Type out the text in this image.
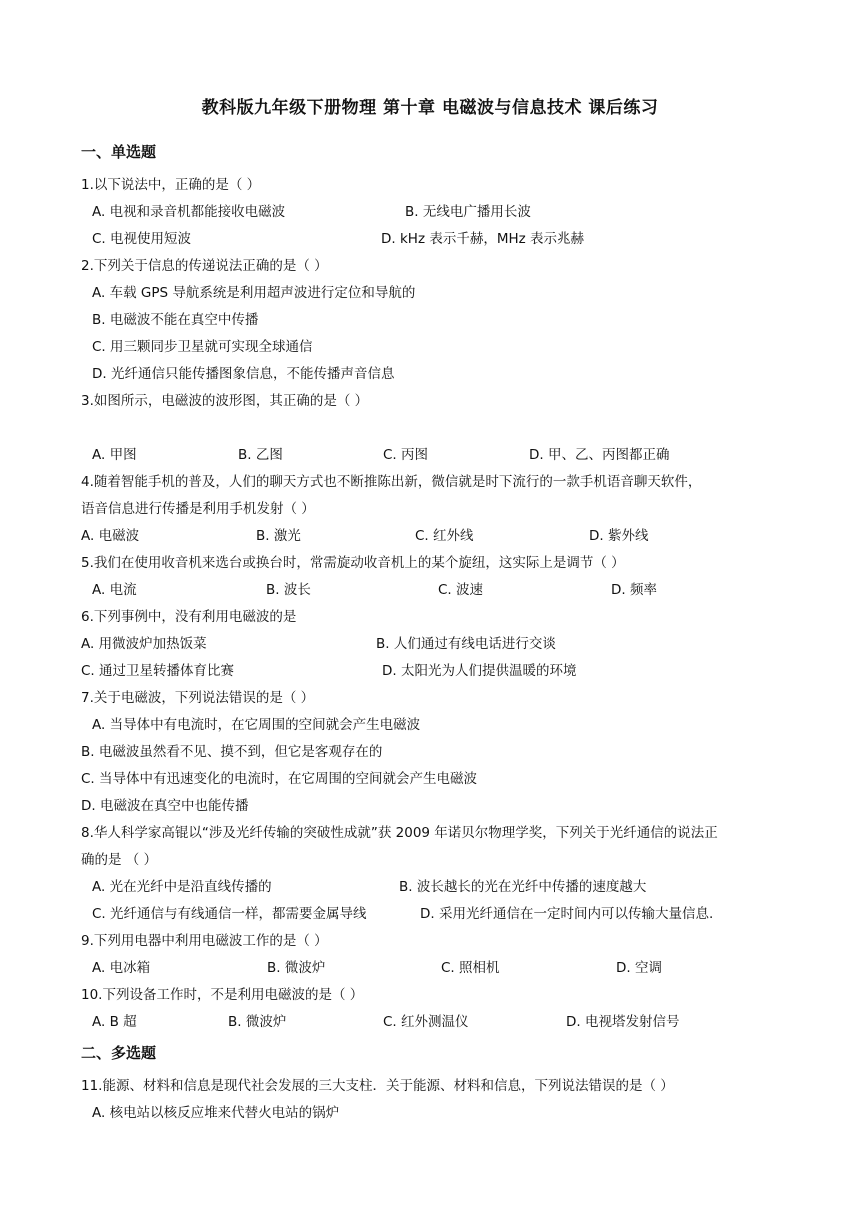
教科版九年级下册物理 第十章 电磁波与信息技术 课后练习
一、单选题
1.以下说法中，正确的是（ ）
A. 电视和录音机都能接收电磁波	B. 无线电广播用长波
C. 电视使用短波	D. kHz 表示千赫，MHz 表示兆赫
2.下列关于信息的传递说法正确的是（ ）
A. 车载 GPS 导航系统是利用超声波进行定位和导航的
B. 电磁波不能在真空中传播
C. 用三颗同步卫星就可实现全球通信
D. 光纤通信只能传播图象信息，不能传播声音信息
3.如图所示，电磁波的波形图，其正确的是（ ）
A. 甲图	B. 乙图	C. 丙图	D. 甲、乙、丙图都正确
4.随着智能手机的普及，人们的聊天方式也不断推陈出新，微信就是时下流行的一款手机语音聊天软件，
语音信息进行传播是利用手机发射（ ）
A. 电磁波	B. 激光	C. 红外线	D. 紫外线
5.我们在使用收音机来选台或换台时，常需旋动收音机上的某个旋纽，这实际上是调节（ ）
A. 电流	B. 波长	C. 波速	D. 频率
6.下列事例中，没有利用电磁波的是
A. 用微波炉加热饭菜	B. 人们通过有线电话进行交谈
C. 通过卫星转播体育比赛	D. 太阳光为人们提供温暖的环境
7.关于电磁波，下列说法错误的是（ ）
A. 当导体中有电流时，在它周围的空间就会产生电磁波
B. 电磁波虽然看不见、摸不到，但它是客观存在的
C. 当导体中有迅速变化的电流时，在它周围的空间就会产生电磁波
D. 电磁波在真空中也能传播
8.华人科学家高锟以“涉及光纤传输的突破性成就”获 2009 年诺贝尔物理学奖，下列关于光纤通信的说法正
确的是 （ ）
A. 光在光纤中是沿直线传播的	B. 波长越长的光在光纤中传播的速度越大
C. 光纤通信与有线通信一样，都需要金属导线	D. 采用光纤通信在一定时间内可以传输大量信息.
9.下列用电器中利用电磁波工作的是（ ）
A. 电冰箱	B. 微波炉	C. 照相机	D. 空调
10.下列设备工作时，不是利用电磁波的是（ ）
A. B 超	B. 微波炉	C. 红外测温仪	D. 电视塔发射信号
二、多选题
11.能源、材料和信息是现代社会发展的三大支柱．关于能源、材料和信息，下列说法错误的是（ ）
A. 核电站以核反应堆来代替火电站的锅炉
